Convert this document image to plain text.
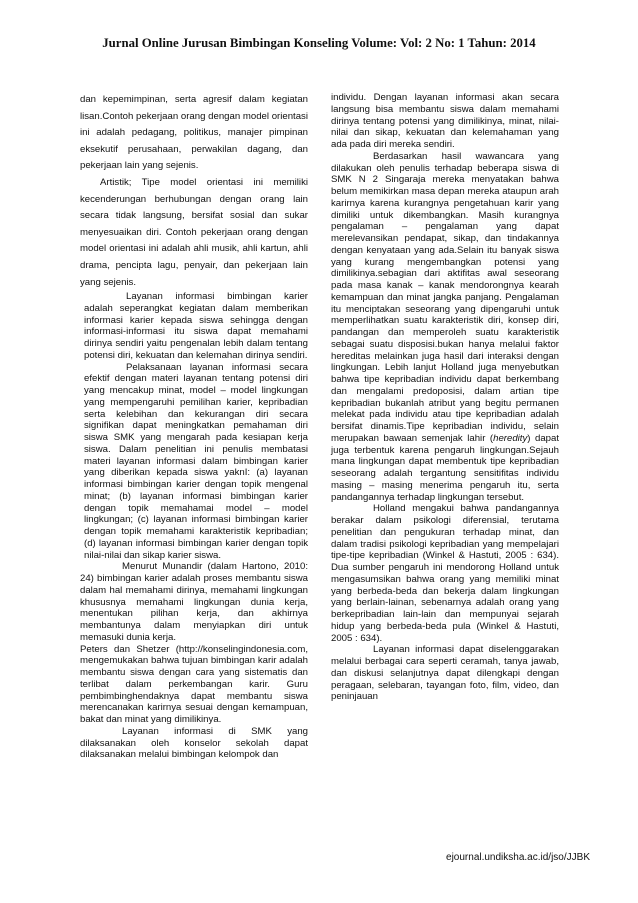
Jurnal Online Jurusan Bimbingan Konseling Volume: Vol: 2 No: 1 Tahun: 2014

dan kepemimpinan, serta agresif dalam kegiatan lisan.Contoh pekerjaan orang dengan model orientasi ini adalah pedagang, politikus, manajer pimpinan eksekutif perusahaan, perwakilan dagang, dan pekerjaan lain yang sejenis.

Artistik; Tipe model orientasi ini memiliki kecenderungan berhubungan dengan orang lain secara tidak langsung, bersifat sosial dan sukar menyesuaikan diri. Contoh pekerjaan orang dengan model orientasi ini adalah ahli musik, ahli kartun, ahli drama, pencipta lagu, penyair, dan pekerjaan lain yang sejenis.

Layanan informasi bimbingan karier adalah seperangkat kegiatan dalam memberikan informasi karier kepada siswa sehingga dengan informasi-informasi itu siswa dapat memahami dirinya sendiri yaitu pengenalan lebih dalam tentang potensi diri, kekuatan dan kelemahan dirinya sendiri.

Pelaksanaan layanan informasi secara efektif dengan materi layanan tentang potensi diri yang mencakup minat, model – model lingkungan yang mempengaruhi pemilihan karier, kepribadian serta kelebihan dan kekurangan diri secara signifikan dapat meningkatkan pemahaman diri siswa SMK yang mengarah pada kesiapan kerja siswa. Dalam penelitian ini penulis membatasi materi layanan informasi dalam bimbingan karier yang diberikan kepada siswa yaknI: (a) layanan informasi bimbingan karier dengan topik mengenal minat; (b) layanan informasi bimbingan karier dengan topik memahamai model – model lingkungan; (c) layanan informasi bimbingan karier dengan topik memahami karakteristik kepribadian; (d) layanan informasi bimbingan karier dengan topik nilai-nilai dan sikap karier siswa.

Menurut Munandir (dalam Hartono, 2010: 24) bimbingan karier adalah proses membantu siswa dalam hal memahami dirinya, memahami lingkungan khususnya memahami lingkungan dunia kerja, menentukan pilihan kerja, dan akhirnya membantunya dalam menyiapkan diri untuk memasuki dunia kerja.

Peters dan Shetzer (http://konselingindonesia.com, mengemukakan bahwa tujuan bimbingan karir adalah membantu siswa dengan cara yang sistematis dan terlibat dalam perkembangan karir. Guru pembimbinghendaknya dapat membantu siswa merencanakan karirnya sesuai dengan kemampuan, bakat dan minat yang dimilikinya.

Layanan informasi di SMK yang dilaksanakan oleh konselor sekolah dapat dilaksanakan melalui bimbingan kelompok dan

individu. Dengan layanan informasi akan secara langsung bisa membantu siswa dalam memahami dirinya tentang potensi yang dimilikinya, minat, nilai-nilai dan sikap, kekuatan dan kelemahaman yang ada pada diri mereka sendiri.

Berdasarkan hasil wawancara yang dilakukan oleh penulis terhadap beberapa siswa di SMK N 2 Singaraja mereka menyatakan bahwa belum memikirkan masa depan mereka ataupun arah karirnya karena kurangnya pengetahuan karir yang dimiliki untuk dikembangkan. Masih kurangnya pengalaman – pengalaman yang dapat merelevansikan pendapat, sikap, dan tindakannya dengan kenyataan yang ada.Selain itu banyak siswa yang kurang mengembangkan potensi yang dimilikinya.sebagian dari aktifitas awal seseorang pada masa kanak – kanak mendorongnya kearah kemampuan dan minat jangka panjang. Pengalaman itu menciptakan seseorang yang dipengaruhi untuk memperlihatkan suatu karakteristik diri, konsep diri, pandangan dan memperoleh suatu karakteristik sebagai suatu disposisi.bukan hanya melalui faktor hereditas melainkan juga hasil dari interaksi dengan lingkungan. Lebih lanjut Holland juga menyebutkan bahwa tipe kepribadian individu dapat berkembang dan mengalami predoposisi, dalam artian tipe kepribadian bukanlah atribut yang begitu permanen melekat pada individu atau tipe kepribadian adalah bersifat dinamis.Tipe kepribadian individu, selain merupakan bawaan semenjak lahir (heredity) dapat juga terbentuk karena pengaruh lingkungan.Sejauh mana lingkungan dapat membentuk tipe kepribadian seseorang adalah tergantung sensitifitas individu masing – masing menerima pengaruh itu, serta pandangannya terhadap lingkungan tersebut.

Holland mengakui bahwa pandangannya berakar dalam psikologi diferensial, terutama penelitian dan pengukuran terhadap minat, dan dalam tradisi psikologi kepribadian yang mempelajari tipe-tipe kepribadian (Winkel & Hastuti, 2005 : 634). Dua sumber pengaruh ini mendorong Holland untuk mengasumsikan bahwa orang yang memiliki minat yang berbeda-beda dan bekerja dalam lingkungan yang berlain-lainan, sebenarnya adalah orang yang berkepribadian lain-lain dan mempunyai sejarah hidup yang berbeda-beda pula (Winkel & Hastuti, 2005 : 634).

Layanan informasi dapat diselenggarakan melalui berbagai cara seperti ceramah, tanya jawab, dan diskusi selanjutnya dapat dilengkapi dengan peragaan, selebaran, tayangan foto, film, video, dan peninjauan

ejournal.undiksha.ac.id/jso/JJBK
